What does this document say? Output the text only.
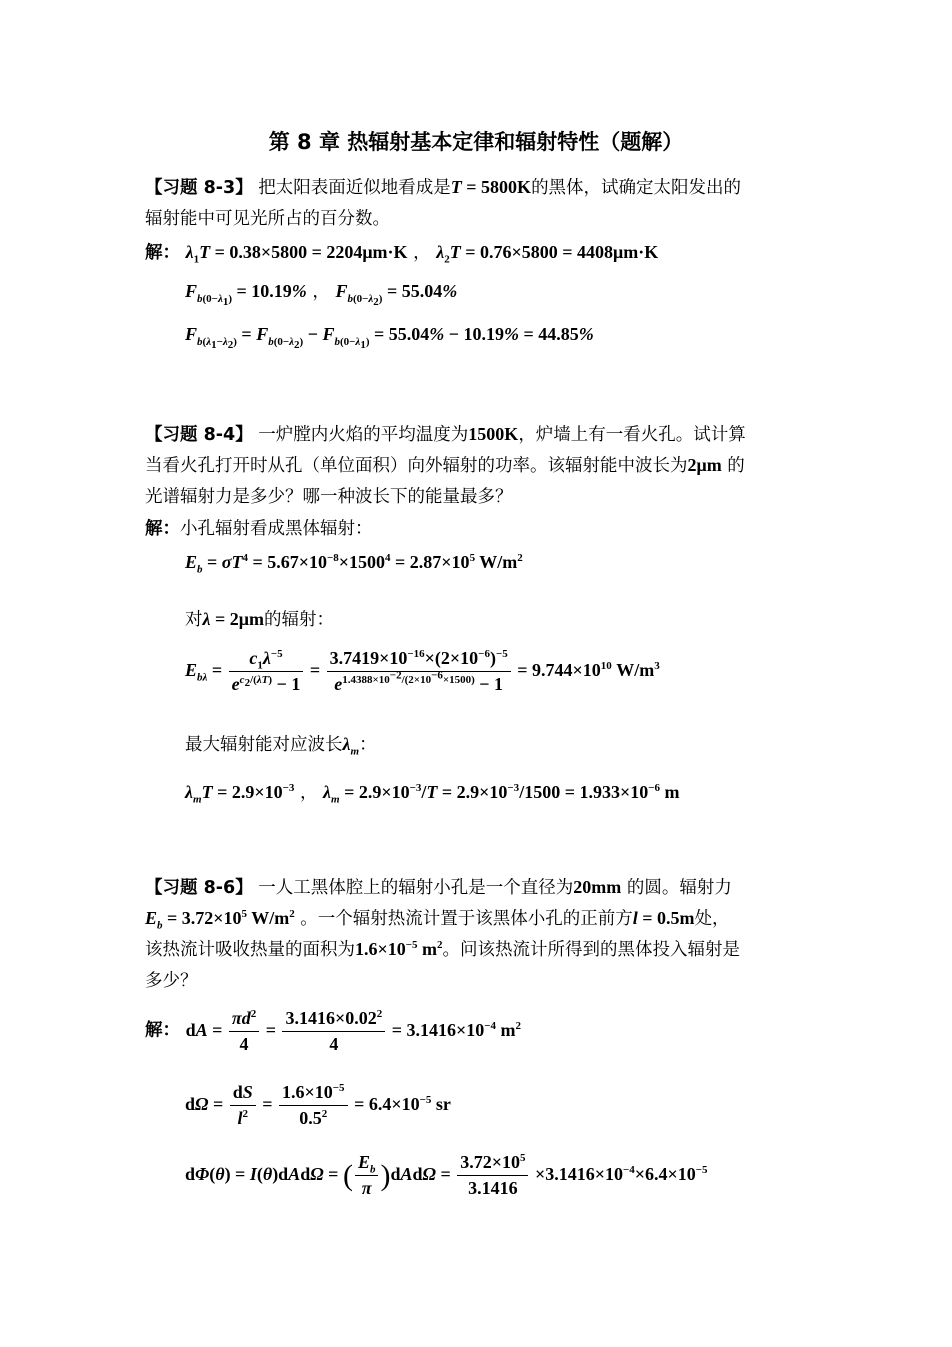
第 8 章 热辐射基本定律和辐射特性（题解）
【习题 8-3】 把太阳表面近似地看成是T = 5800K的黑体，试确定太阳发出的
辐射能中可见光所占的百分数。
解： $\lambda_1T = 0.38\times 5800 = 2204\mu m\cdot K$ ， $\lambda_2T = 0.76\times 5800 = 4408\mu m\cdot K$
$F_{b(0-\lambda_1)} = 10.19\%$ ， $F_{b(0-\lambda_2)} = 55.04\%$
$F_{b(\lambda_1-\lambda_2)} = F_{b(0-\lambda_2)} - F_{b(0-\lambda_1)} = 55.04\% - 10.19\% = 44.85\%$
【习题 8-4】 一炉膛内火焰的平均温度为1500K，炉墙上有一看火孔。试计算
当看火孔打开时从孔（单位面积）向外辐射的功率。该辐射能中波长为2μm 的
光谱辐射力是多少？哪一种波长下的能量最多？
解：小孔辐射看成黑体辐射：
$E_b = \sigma T^4 = 5.67\times 10^{-8}\times 1500^4 = 2.87\times 10^5$ $W/m^2$
对λ = 2μm的辐射：
$E_{b\lambda} = \frac{c_1\lambda^{-5}}{e^{c_2/(\lambda T)} - 1} = \frac{3.7419\times 10^{-16}\times(2\times 10^{-6})^{-5}}{e^{1.4388\times 10^{-2}/(2\times 10^{-6}\times 1500)} - 1} = 9.744\times 10^{10}$ $W/m^3$
最大辐射能对应波长$\lambda_m$：
$\lambda_mT = 2.9\times 10^{-3}$ ， $\lambda_m = 2.9\times 10^{-3}/T = 2.9\times 10^{-3}/1500 = 1.933\times 10^{-6}$ m
【习题 8-6】 一人工黑体腔上的辐射小孔是一个直径为20mm 的圆。辐射力
$E_b = 3.72\times 10^5$ $W/m^2$ 。一个辐射热流计置于该黑体小孔的正前方l = 0.5m处，
该热流计吸收热量的面积为$1.6\times 10^{-5}$ $m^2$。问该热流计所得到的黑体投入辐射是
多少？
解： dA = $\frac{\pi d^2}{4} = \frac{3.1416\times 0.02^2}{4} = 3.1416\times 10^{-4}$ $m^2$
$d\Omega = \frac{dS}{l^2} = \frac{1.6\times 10^{-5}}{0.5^2} = 6.4\times 10^{-5}$ sr
dΦ(θ) = I(θ)dAdΩ = ( $\frac{E_b}{\pi} )dAd\Omega = \frac{3.72\times 10^5}{3.1416} \times 3.1416\times 10^{-4}\times 6.4\times 10^{-5}$
